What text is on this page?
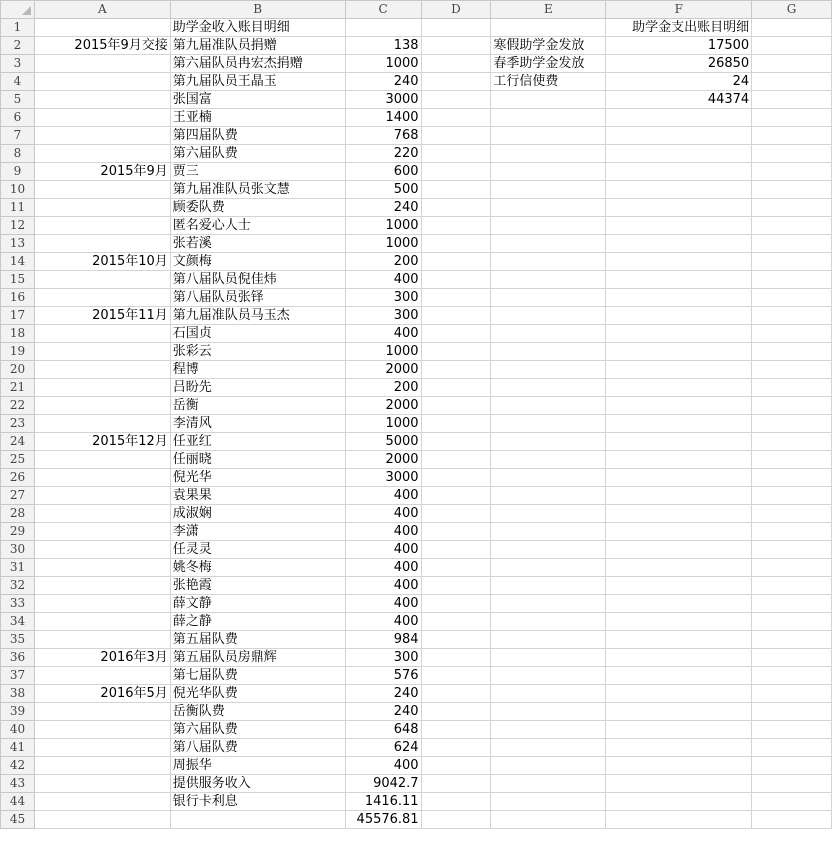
	A	B	C	D	E	F	G
1		助学金收入账目明细				助学金支出账目明细	
2	2015年9月交接	第九届准队员捐赠	138		寒假助学金发放	17500	
3		第六届队员冉宏杰捐赠	1000		春季助学金发放	26850	
4		第九届队员王晶玉	240		工行信使费	24	
5		张国富	3000			44374	
6		王亚楠	1400				
7		第四届队费	768				
8		第六届队费	220				
9	2015年9月	贾三	600				
10		第九届准队员张文慧	500				
11		顾委队费	240				
12		匿名爱心人士	1000				
13		张若溪	1000				
14	2015年10月	文颜梅	200				
15		第八届队员倪佳炜	400				
16		第八届队员张铎	300				
17	2015年11月	第九届准队员马玉杰	300				
18		石国贞	400				
19		张彩云	1000				
20		程博	2000				
21		吕盼先	200				
22		岳衡	2000				
23		李清风	1000				
24	2015年12月	任亚红	5000				
25		任丽晓	2000				
26		倪光华	3000				
27		袁果果	400				
28		成淑娴	400				
29		李潇	400				
30		任灵灵	400				
31		姚冬梅	400				
32		张艳霞	400				
33		薛文静	400				
34		薛之静	400				
35		第五届队费	984				
36	2016年3月	第五届队员房鼎辉	300				
37		第七届队费	576				
38	2016年5月	倪光华队费	240				
39		岳衡队费	240				
40		第六届队费	648				
41		第八届队费	624				
42		周振华	400				
43		提供服务收入	9042.7				
44		银行卡利息	1416.11				
45			45576.81				
